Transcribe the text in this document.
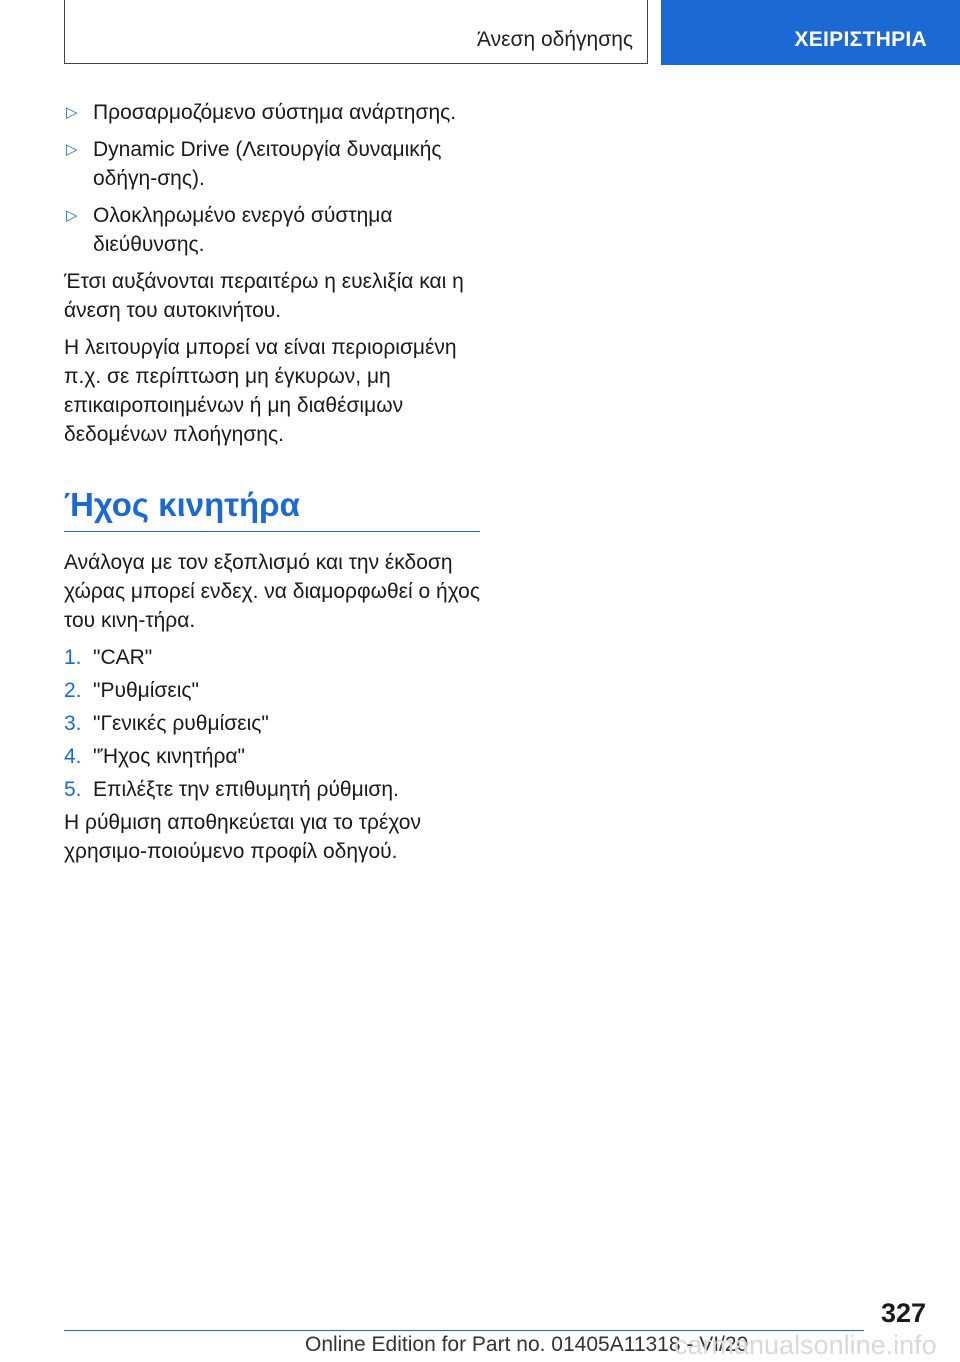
Άνεση οδήγησης	ΧΕΙΡΙΣΤΗΡΙΑ
▷ Προσαρμοζόμενο σύστημα ανάρτησης.
▷ Dynamic Drive (Λειτουργία δυναμικής οδήγη-σης).
▷ Ολοκληρωμένο ενεργό σύστημα διεύθυνσης.

Έτσι αυξάνονται περαιτέρω η ευελιξία και η άνεση του αυτοκινήτου.

Η λειτουργία μπορεί να είναι περιορισμένη π.χ. σε περίπτωση μη έγκυρων, μη επικαιροποιημένων ή μη διαθέσιμων δεδομένων πλοήγησης.

Ήχος κινητήρα

Ανάλογα με τον εξοπλισμό και την έκδοση χώρας μπορεί ενδεχ. να διαμορφωθεί ο ήχος του κινη-τήρα.

1. "CAR"
2. "Ρυθμίσεις"
3. "Γενικές ρυθμίσεις"
4. "Ήχος κινητήρα"
5. Επιλέξτε την επιθυμητή ρύθμιση.

Η ρύθμιση αποθηκεύεται για το τρέχον χρησιμο-ποιούμενο προφίλ οδηγού.

327
Online Edition for Part no. 01405A11318 - VI/20
carmanualsonline.info
